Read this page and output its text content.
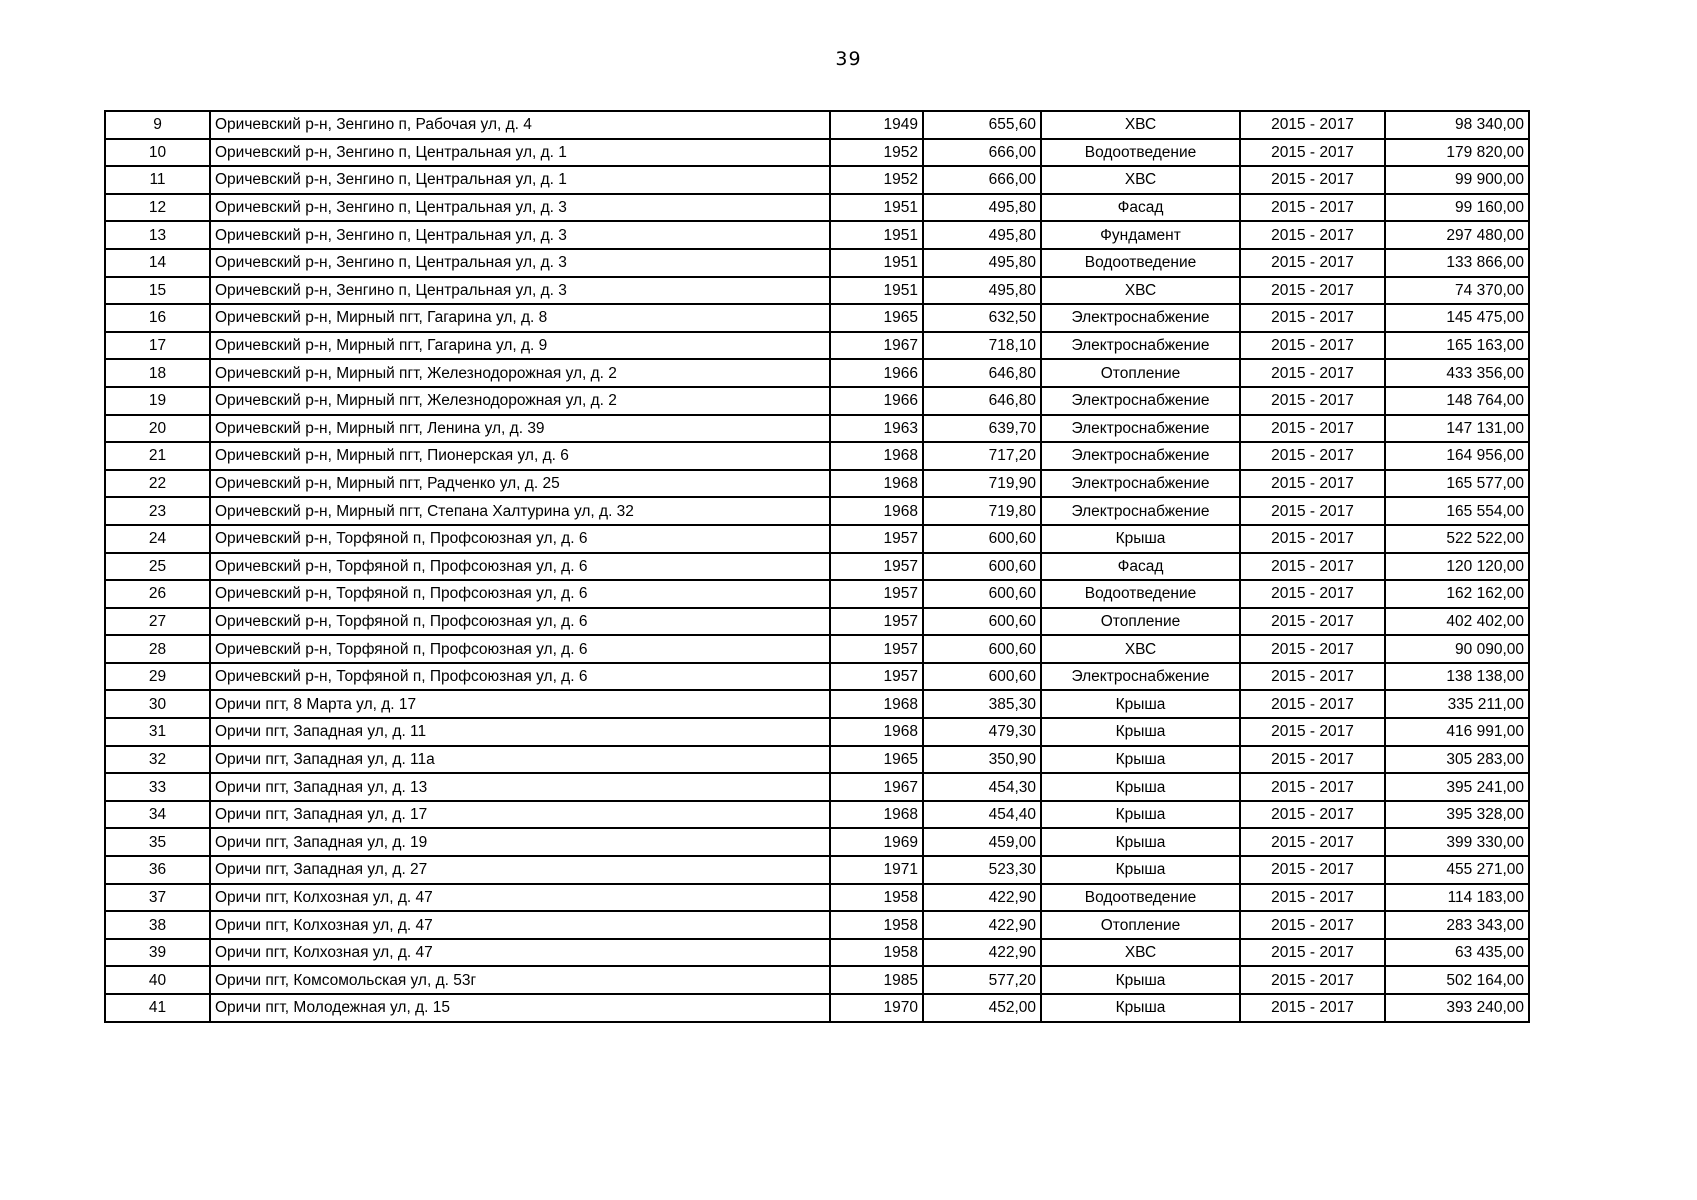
39
9	Оричевский р-н, Зенгино п, Рабочая ул, д. 4	1949	655,60	ХВС	2015 - 2017	98 340,00
10	Оричевский р-н, Зенгино п, Центральная ул, д. 1	1952	666,00	Водоотведение	2015 - 2017	179 820,00
11	Оричевский р-н, Зенгино п, Центральная ул, д. 1	1952	666,00	ХВС	2015 - 2017	99 900,00
12	Оричевский р-н, Зенгино п, Центральная ул, д. 3	1951	495,80	Фасад	2015 - 2017	99 160,00
13	Оричевский р-н, Зенгино п, Центральная ул, д. 3	1951	495,80	Фундамент	2015 - 2017	297 480,00
14	Оричевский р-н, Зенгино п, Центральная ул, д. 3	1951	495,80	Водоотведение	2015 - 2017	133 866,00
15	Оричевский р-н, Зенгино п, Центральная ул, д. 3	1951	495,80	ХВС	2015 - 2017	74 370,00
16	Оричевский р-н, Мирный пгт, Гагарина ул, д. 8	1965	632,50	Электроснабжение	2015 - 2017	145 475,00
17	Оричевский р-н, Мирный пгт, Гагарина ул, д. 9	1967	718,10	Электроснабжение	2015 - 2017	165 163,00
18	Оричевский р-н, Мирный пгт, Железнодорожная ул, д. 2	1966	646,80	Отопление	2015 - 2017	433 356,00
19	Оричевский р-н, Мирный пгт, Железнодорожная ул, д. 2	1966	646,80	Электроснабжение	2015 - 2017	148 764,00
20	Оричевский р-н, Мирный пгт, Ленина ул, д. 39	1963	639,70	Электроснабжение	2015 - 2017	147 131,00
21	Оричевский р-н, Мирный пгт, Пионерская ул, д. 6	1968	717,20	Электроснабжение	2015 - 2017	164 956,00
22	Оричевский р-н, Мирный пгт, Радченко ул, д. 25	1968	719,90	Электроснабжение	2015 - 2017	165 577,00
23	Оричевский р-н, Мирный пгт, Степана Халтурина ул, д. 32	1968	719,80	Электроснабжение	2015 - 2017	165 554,00
24	Оричевский р-н, Торфяной п, Профсоюзная ул, д. 6	1957	600,60	Крыша	2015 - 2017	522 522,00
25	Оричевский р-н, Торфяной п, Профсоюзная ул, д. 6	1957	600,60	Фасад	2015 - 2017	120 120,00
26	Оричевский р-н, Торфяной п, Профсоюзная ул, д. 6	1957	600,60	Водоотведение	2015 - 2017	162 162,00
27	Оричевский р-н, Торфяной п, Профсоюзная ул, д. 6	1957	600,60	Отопление	2015 - 2017	402 402,00
28	Оричевский р-н, Торфяной п, Профсоюзная ул, д. 6	1957	600,60	ХВС	2015 - 2017	90 090,00
29	Оричевский р-н, Торфяной п, Профсоюзная ул, д. 6	1957	600,60	Электроснабжение	2015 - 2017	138 138,00
30	Оричи пгт, 8 Марта ул, д. 17	1968	385,30	Крыша	2015 - 2017	335 211,00
31	Оричи пгт, Западная ул, д. 11	1968	479,30	Крыша	2015 - 2017	416 991,00
32	Оричи пгт, Западная ул, д. 11а	1965	350,90	Крыша	2015 - 2017	305 283,00
33	Оричи пгт, Западная ул, д. 13	1967	454,30	Крыша	2015 - 2017	395 241,00
34	Оричи пгт, Западная ул, д. 17	1968	454,40	Крыша	2015 - 2017	395 328,00
35	Оричи пгт, Западная ул, д. 19	1969	459,00	Крыша	2015 - 2017	399 330,00
36	Оричи пгт, Западная ул, д. 27	1971	523,30	Крыша	2015 - 2017	455 271,00
37	Оричи пгт, Колхозная ул, д. 47	1958	422,90	Водоотведение	2015 - 2017	114 183,00
38	Оричи пгт, Колхозная ул, д. 47	1958	422,90	Отопление	2015 - 2017	283 343,00
39	Оричи пгт, Колхозная ул, д. 47	1958	422,90	ХВС	2015 - 2017	63 435,00
40	Оричи пгт, Комсомольская ул, д. 53г	1985	577,20	Крыша	2015 - 2017	502 164,00
41	Оричи пгт, Молодежная ул, д. 15	1970	452,00	Крыша	2015 - 2017	393 240,00
